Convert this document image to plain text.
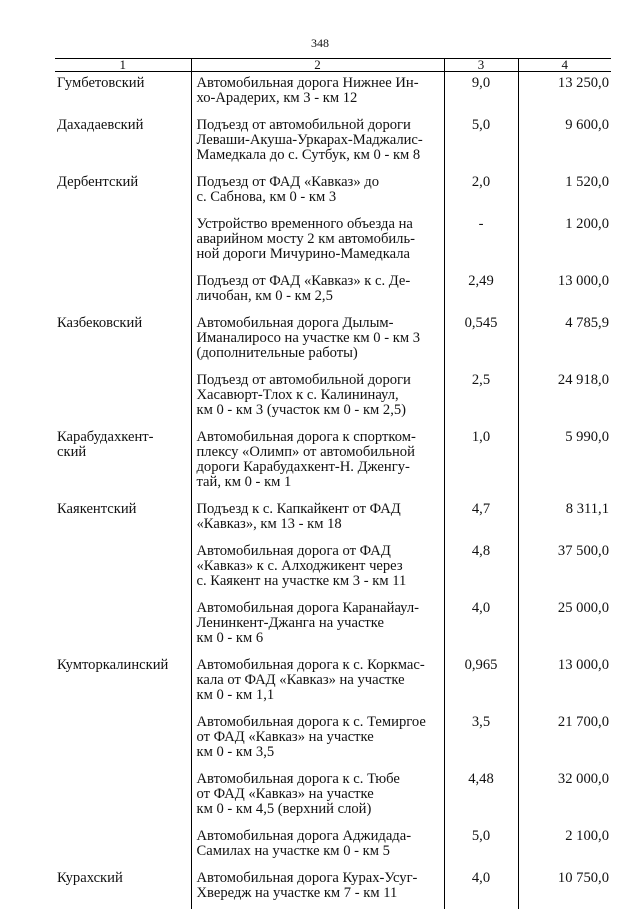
348
1	2	3	4
Гумбетовский	Автомобильная дорога Нижнее Ин-
хо-Арадерих, км 3 - км 12	9,0	13 250,0
Дахадаевский	Подъезд от автомобильной дороги
Леваши-Акуша-Уркарах-Маджалис-
Мамедкала до с. Сутбук, км 0 - км 8	5,0	9 600,0
Дербентский	Подъезд от ФАД «Кавказ» до
с. Сабнова, км 0 - км 3	2,0	1 520,0
	Устройство временного объезда на
аварийном мосту 2 км автомобиль-
ной дороги Мичурино-Мамедкала	-	1 200,0
	Подъезд от ФАД «Кавказ» к с. Де-
личобан, км 0 - км 2,5	2,49	13 000,0
Казбековский	Автомобильная дорога Дылым-
Иманалиросо на участке км 0 - км 3
(дополнительные работы)	0,545	4 785,9
	Подъезд от автомобильной дороги
Хасавюрт-Тлох к с. Калининаул,
км 0 - км 3 (участок км 0 - км 2,5)	2,5	24 918,0
Карабудахкент-
ский	Автомобильная дорога к спортком-
плексу «Олимп» от автомобильной
дороги Карабудахкент-Н. Дженгу-
тай, км 0 - км 1	1,0	5 990,0
Каякентский	Подъезд к с. Капкайкент от ФАД
«Кавказ», км 13 - км 18	4,7	8 311,1
	Автомобильная дорога от ФАД
«Кавказ» к с. Алходжикент через
с. Каякент на участке км 3 - км 11	4,8	37 500,0
	Автомобильная дорога Каранайаул-
Ленинкент-Джанга на участке
км 0 - км 6	4,0	25 000,0
Кумторкалинский	Автомобильная дорога к с. Коркмас-
кала от ФАД «Кавказ» на участке
км 0 - км 1,1	0,965	13 000,0
	Автомобильная дорога к с. Темиргое
от ФАД «Кавказ» на участке
км 0 - км 3,5	3,5	21 700,0
	Автомобильная дорога к с. Тюбе
от ФАД «Кавказ» на участке
км 0 - км 4,5 (верхний слой)	4,48	32 000,0
	Автомобильная дорога Аджидада-
Самилах на участке км 0 - км 5	5,0	2 100,0
Курахский	Автомобильная дорога Курах-Усуг-
Хвередж на участке км 7 - км 11	4,0	10 750,0
